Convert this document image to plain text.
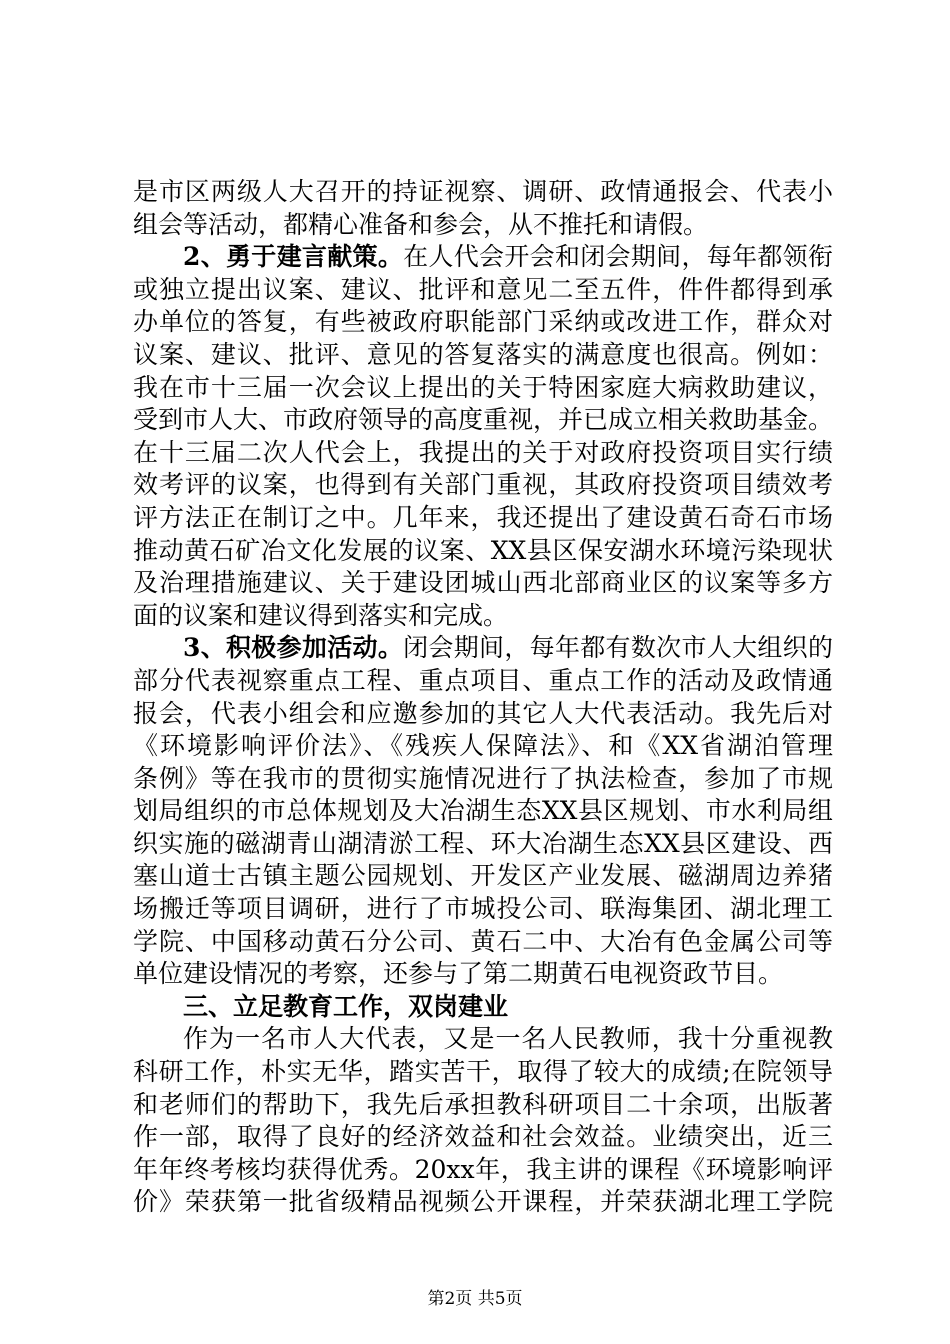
是市区两级人大召开的持证视察、调研、政情通报会、代表小
组会等活动，都精心准备和参会，从不推托和请假。
2、勇于建言献策。在人代会开会和闭会期间，每年都领衔
或独立提出议案、建议、批评和意见二至五件，件件都得到承
办单位的答复，有些被政府职能部门采纳或改进工作，群众对
议案、建议、批评、意见的答复落实的满意度也很高。例如：
我在市十三届一次会议上提出的关于特困家庭大病救助建议，
受到市人大、市政府领导的高度重视，并已成立相关救助基金。
在十三届二次人代会上，我提出的关于对政府投资项目实行绩
效考评的议案，也得到有关部门重视，其政府投资项目绩效考
评方法正在制订之中。几年来，我还提出了建设黄石奇石市场
推动黄石矿冶文化发展的议案、XX县区保安湖水环境污染现状
及治理措施建议、关于建设团城山西北部商业区的议案等多方
面的议案和建议得到落实和完成。
3、积极参加活动。闭会期间，每年都有数次市人大组织的
部分代表视察重点工程、重点项目、重点工作的活动及政情通
报会，代表小组会和应邀参加的其它人大代表活动。我先后对
《环境影响评价法》、《残疾人保障法》、和《XX省湖泊管理
条例》等在我市的贯彻实施情况进行了执法检查，参加了市规
划局组织的市总体规划及大冶湖生态XX县区规划、市水利局组
织实施的磁湖青山湖清淤工程、环大冶湖生态XX县区建设、西
塞山道士古镇主题公园规划、开发区产业发展、磁湖周边养猪
场搬迁等项目调研，进行了市城投公司、联海集团、湖北理工
学院、中国移动黄石分公司、黄石二中、大冶有色金属公司等
单位建设情况的考察，还参与了第二期黄石电视资政节目。
三、立足教育工作，双岗建业
作为一名市人大代表，又是一名人民教师，我十分重视教
科研工作，朴实无华，踏实苦干，取得了较大的成绩;在院领导
和老师们的帮助下，我先后承担教科研项目二十余项，出版著
作一部，取得了良好的经济效益和社会效益。业绩突出，近三
年年终考核均获得优秀。20xx年，我主讲的课程《环境影响评
价》荣获第一批省级精品视频公开课程，并荣获湖北理工学院
第2页 共5页
